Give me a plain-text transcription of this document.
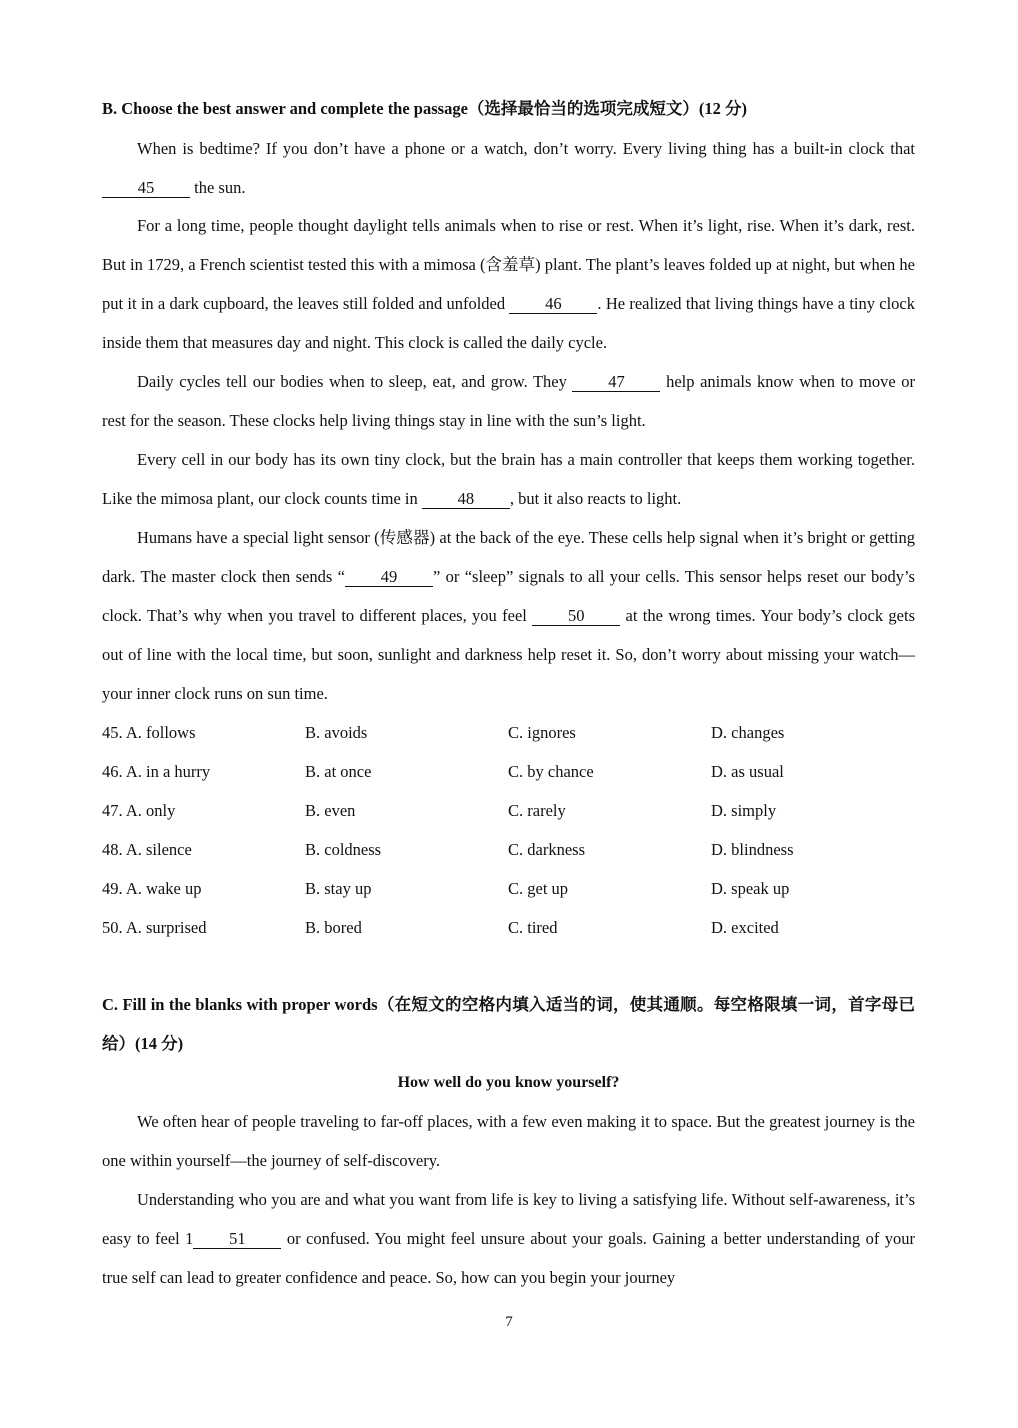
B. Choose the best answer and complete the passage（选择最恰当的选项完成短文）(12 分)

When is bedtime? If you don’t have a phone or a watch, don’t worry. Every living thing has a built-in clock that 45 the sun.

For a long time, people thought daylight tells animals when to rise or rest. When it’s light, rise. When it’s dark, rest. But in 1729, a French scientist tested this with a mimosa (含羞草) plant. The plant’s leaves folded up at night, but when he put it in a dark cupboard, the leaves still folded and unfolded 46 . He realized that living things have a tiny clock inside them that measures day and night. This clock is called the daily cycle.

Daily cycles tell our bodies when to sleep, eat, and grow. They 47 help animals know when to move or rest for the season. These clocks help living things stay in line with the sun’s light.

Every cell in our body has its own tiny clock, but the brain has a main controller that keeps them working together. Like the mimosa plant, our clock counts time in 48 , but it also reacts to light.

Humans have a special light sensor (传感器) at the back of the eye. These cells help signal when it’s bright or getting dark. The master clock then sends “ 49 ” or “sleep” signals to all your cells. This sensor helps reset our body’s clock. That’s why when you travel to different places, you feel 50 at the wrong times. Your body’s clock gets out of line with the local time, but soon, sunlight and darkness help reset it. So, don’t worry about missing your watch—your inner clock runs on sun time.

45. A. follows	B. avoids	C. ignores	D. changes
46. A. in a hurry	B. at once	C. by chance	D. as usual
47. A. only	B. even	C. rarely	D. simply
48. A. silence	B. coldness	C. darkness	D. blindness
49. A. wake up	B. stay up	C. get up	D. speak up
50. A. surprised	B. bored	C. tired	D. excited
C. Fill in the blanks with proper words（在短文的空格内填入适当的词，使其通顺。每空格限填一词，首字母已给）(14 分)
How well do you know yourself?

We often hear of people traveling to far-off places, with a few even making it to space. But the greatest journey is the one within yourself—the journey of self-discovery.

Understanding who you are and what you want from life is key to living a satisfying life. Without self-awareness, it’s easy to feel 1 51 or confused. You might feel unsure about your goals. Gaining a better understanding of your true self can lead to greater confidence and peace. So, how can you begin your journey

7
